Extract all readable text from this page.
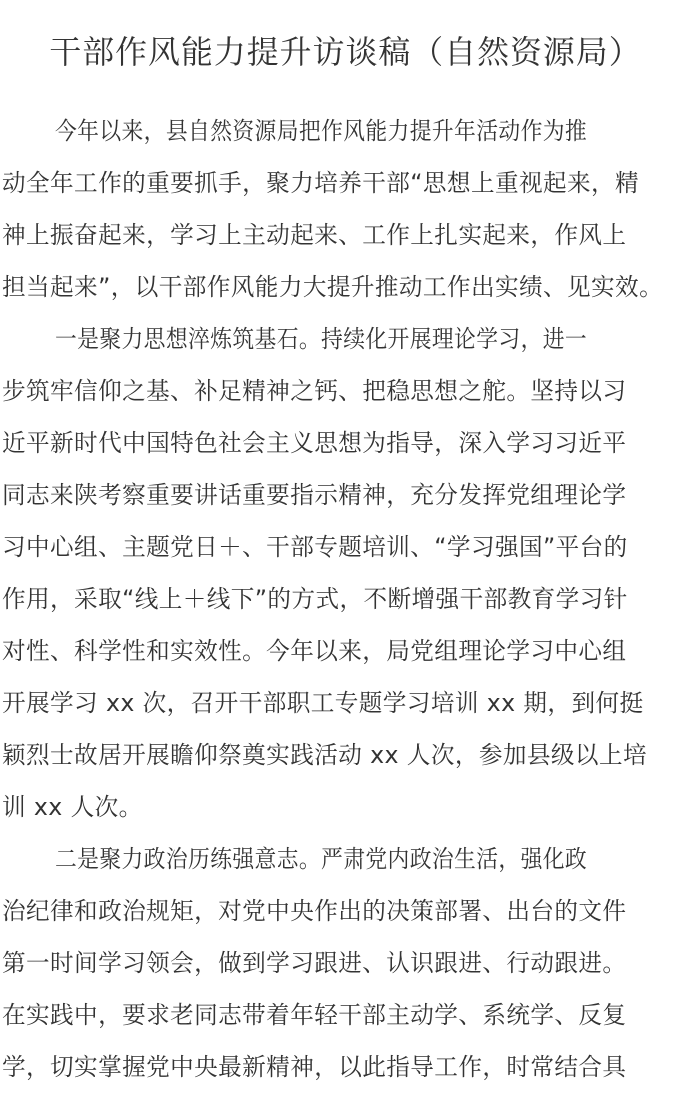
干部作风能力提升访谈稿（自然资源局）
今年以来，县自然资源局把作风能力提升年活动作为推
动全年工作的重要抓手，聚力培养干部“思想上重视起来，精
神上振奋起来，学习上主动起来、工作上扎实起来，作风上
担当起来”，以干部作风能力大提升推动工作出实绩、见实效。
一是聚力思想淬炼筑基石。持续化开展理论学习，进一
步筑牢信仰之基、补足精神之钙、把稳思想之舵。坚持以习
近平新时代中国特色社会主义思想为指导，深入学习习近平
同志来陕考察重要讲话重要指示精神，充分发挥党组理论学
习中心组、主题党日＋、干部专题培训、“学习强国”平台的
作用，采取“线上＋线下”的方式，不断增强干部教育学习针
对性、科学性和实效性。今年以来，局党组理论学习中心组
开展学习 xx 次，召开干部职工专题学习培训 xx 期，到何挺
颖烈士故居开展瞻仰祭奠实践活动 xx 人次，参加县级以上培
训 xx 人次。
二是聚力政治历练强意志。严肃党内政治生活，强化政
治纪律和政治规矩，对党中央作出的决策部署、出台的文件
第一时间学习领会，做到学习跟进、认识跟进、行动跟进。
在实践中，要求老同志带着年轻干部主动学、系统学、反复
学，切实掌握党中央最新精神，以此指导工作，时常结合具
